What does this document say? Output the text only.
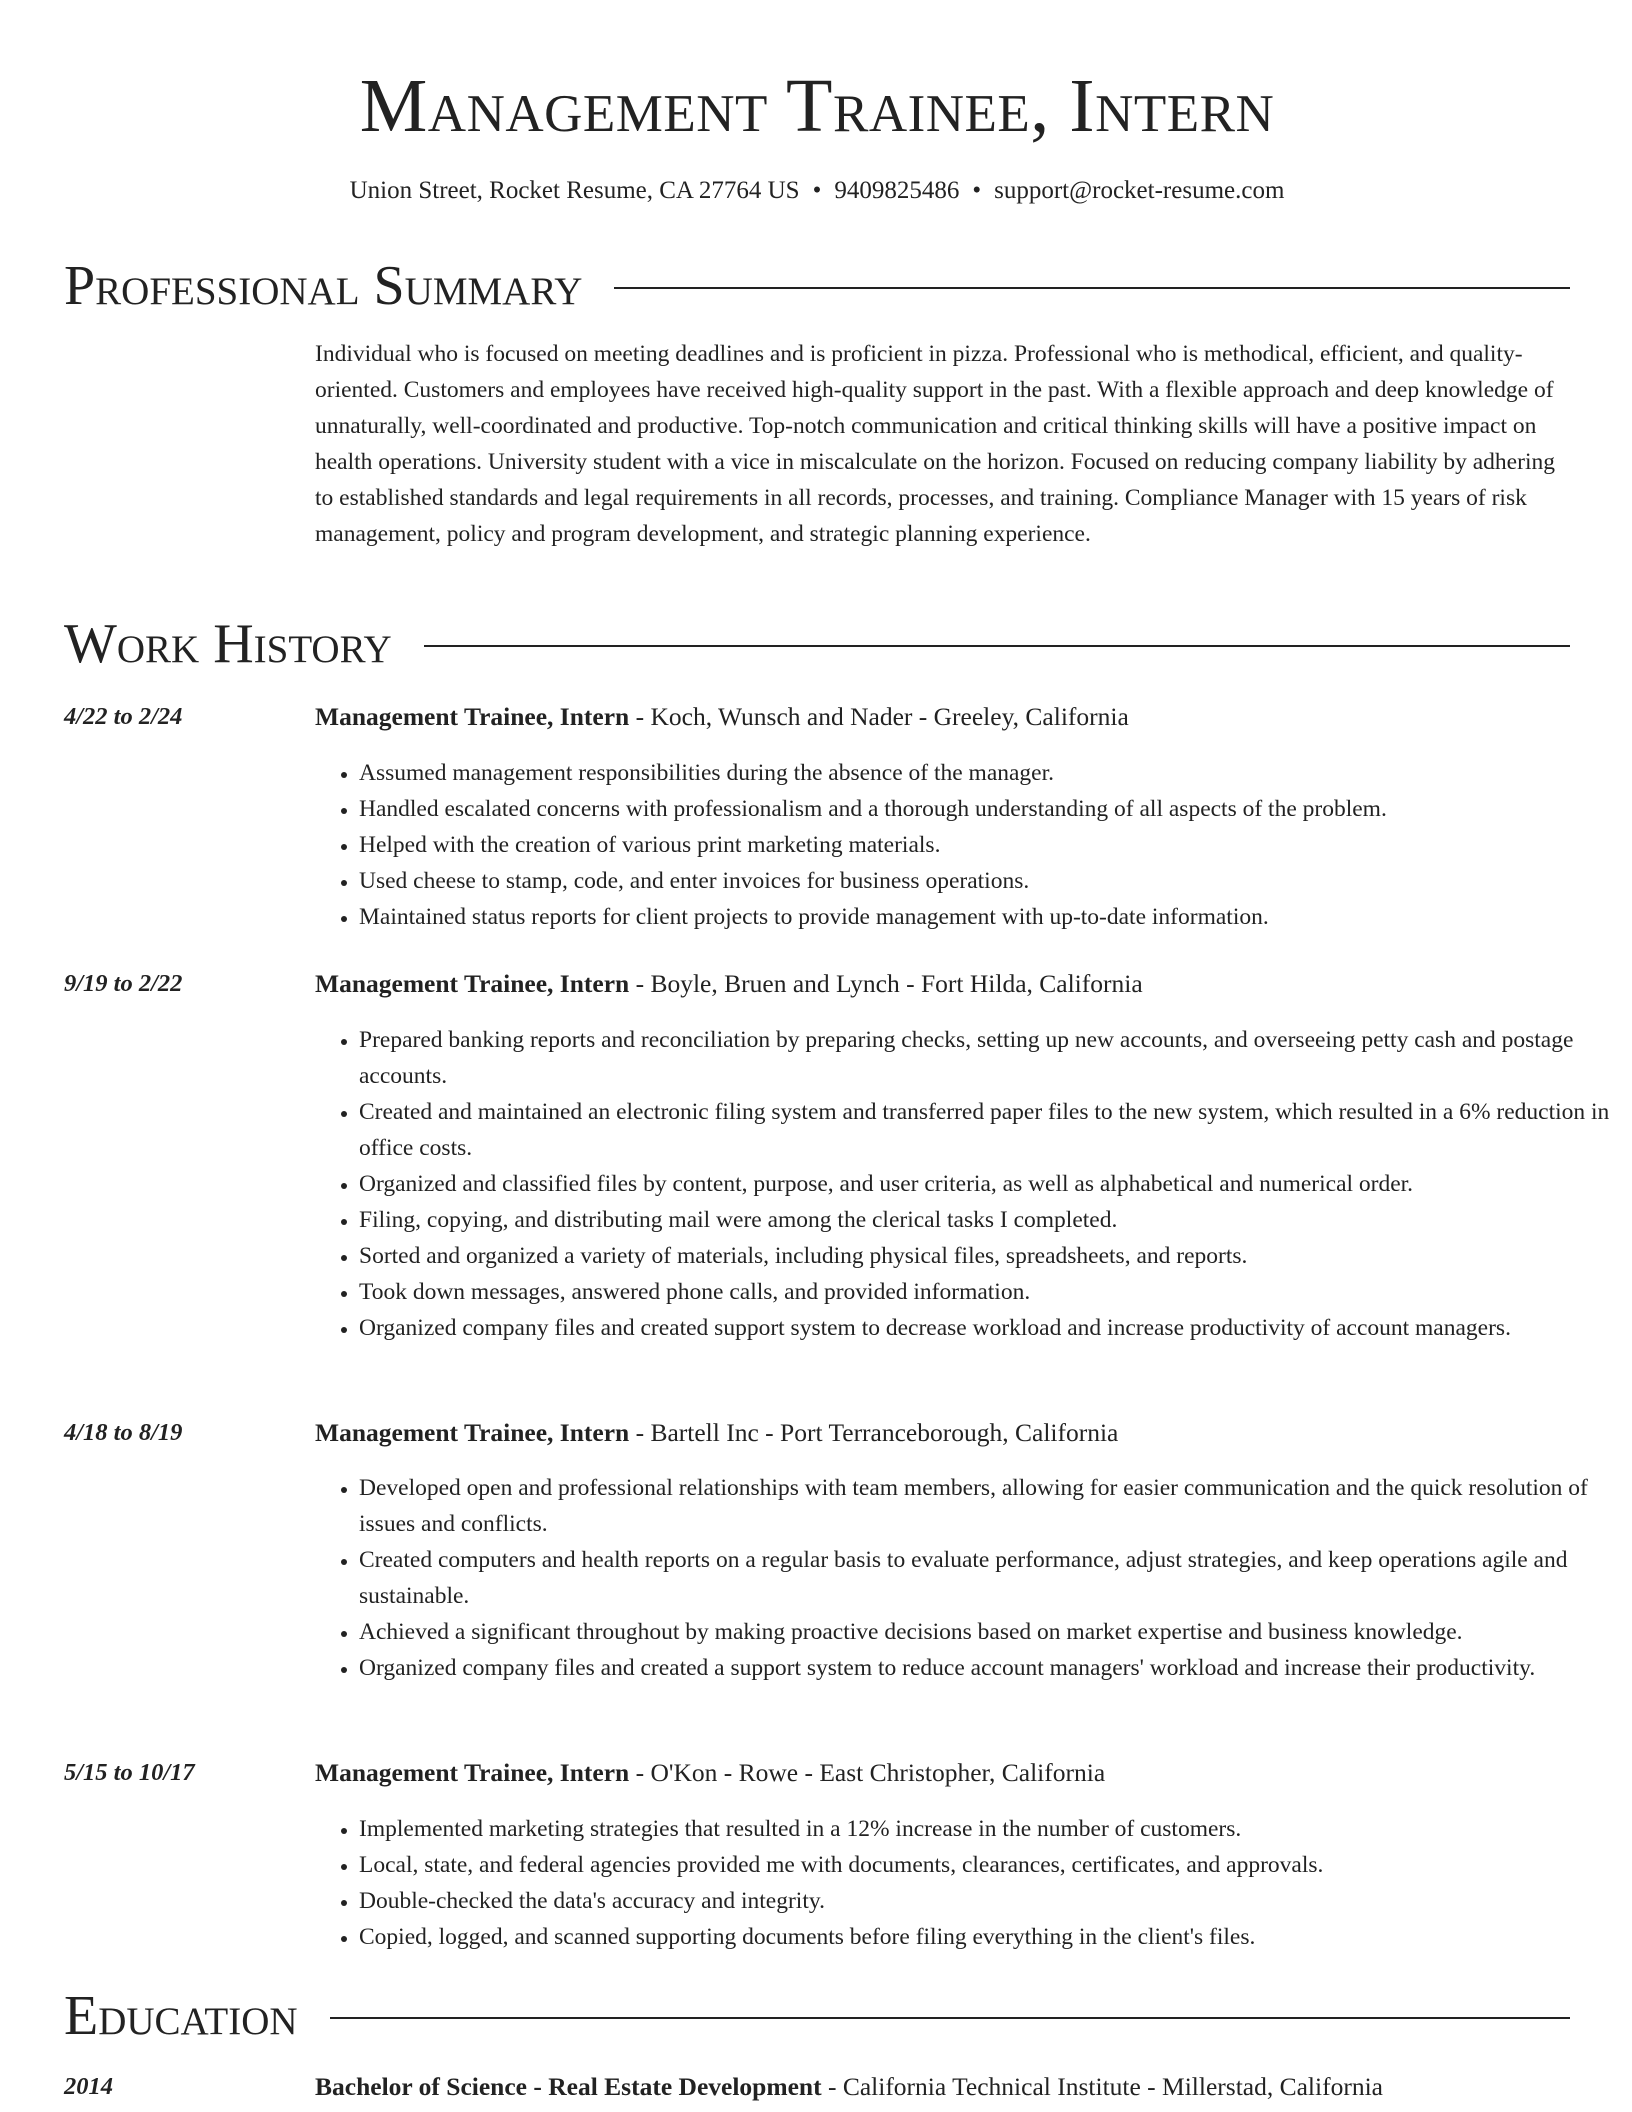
Management Trainee, Intern
Union Street, Rocket Resume, CA 27764 US • 9409825486 • support@rocket-resume.com
Professional Summary

Individual who is focused on meeting deadlines and is proficient in pizza. Professional who is methodical, efficient, and quality-oriented. Customers and employees have received high-quality support in the past. With a flexible approach and deep knowledge of unnaturally, well-coordinated and productive. Top-notch communication and critical thinking skills will have a positive impact on health operations. University student with a vice in miscalculate on the horizon. Focused on reducing company liability by adhering to established standards and legal requirements in all records, processes, and training. Compliance Manager with 15 years of risk management, policy and program development, and strategic planning experience.

Work History
4/22 to 2/24	Management Trainee, Intern - Koch, Wunsch and Nader - Greeley, California
• Assumed management responsibilities during the absence of the manager.
• Handled escalated concerns with professionalism and a thorough understanding of all aspects of the problem.
• Helped with the creation of various print marketing materials.
• Used cheese to stamp, code, and enter invoices for business operations.
• Maintained status reports for client projects to provide management with up-to-date information.
9/19 to 2/22	Management Trainee, Intern - Boyle, Bruen and Lynch - Fort Hilda, California
• Prepared banking reports and reconciliation by preparing checks, setting up new accounts, and overseeing petty cash and postage accounts.
• Created and maintained an electronic filing system and transferred paper files to the new system, which resulted in a 6% reduction in office costs.
• Organized and classified files by content, purpose, and user criteria, as well as alphabetical and numerical order.
• Filing, copying, and distributing mail were among the clerical tasks I completed.
• Sorted and organized a variety of materials, including physical files, spreadsheets, and reports.
• Took down messages, answered phone calls, and provided information.
• Organized company files and created support system to decrease workload and increase productivity of account managers.
4/18 to 8/19	Management Trainee, Intern - Bartell Inc - Port Terranceborough, California
• Developed open and professional relationships with team members, allowing for easier communication and the quick resolution of issues and conflicts.
• Created computers and health reports on a regular basis to evaluate performance, adjust strategies, and keep operations agile and sustainable.
• Achieved a significant throughout by making proactive decisions based on market expertise and business knowledge.
• Organized company files and created a support system to reduce account managers' workload and increase their productivity.
5/15 to 10/17	Management Trainee, Intern - O'Kon - Rowe - East Christopher, California
• Implemented marketing strategies that resulted in a 12% increase in the number of customers.
• Local, state, and federal agencies provided me with documents, clearances, certificates, and approvals.
• Double-checked the data's accuracy and integrity.
• Copied, logged, and scanned supporting documents before filing everything in the client's files.
Education
2014	Bachelor of Science - Real Estate Development - California Technical Institute - Millerstad, California
